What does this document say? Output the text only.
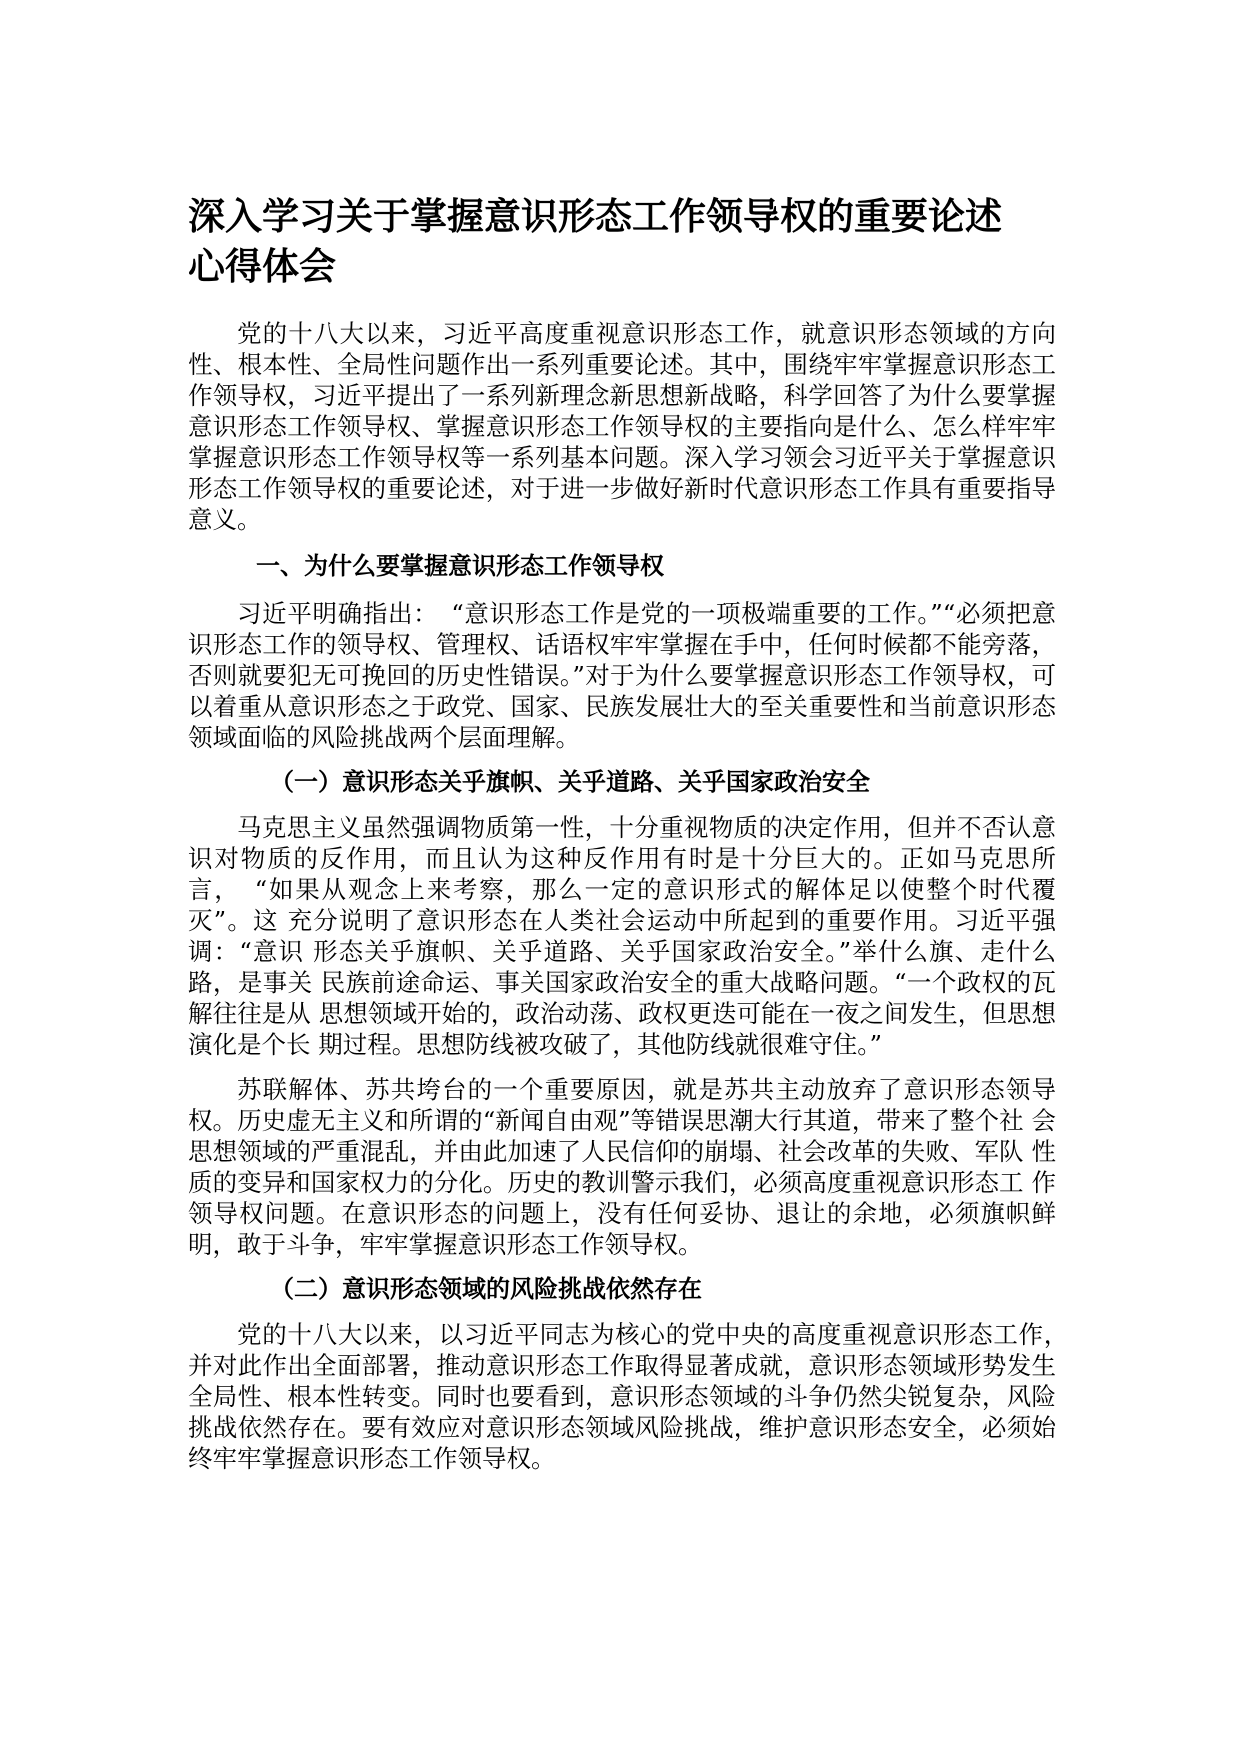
深入学习关于掌握意识形态工作领导权的重要论述心得体会

党的十八大以来，习近平高度重视意识形态工作，就意识形态领域的方向性、根本性、全局性问题作出一系列重要论述。其中，围绕牢牢掌握意识形态工作领导权，习近平提出了一系列新理念新思想新战略，科学回答了为什么要掌握意识形态工作领导权、掌握意识形态工作领导权的主要指向是什么、怎么样牢牢掌握意识形态工作领导权等一系列基本问题。深入学习领会习近平关于掌握意识形态工作领导权的重要论述，对于进一步做好新时代意识形态工作具有重要指导意义。

一、为什么要掌握意识形态工作领导权

习近平明确指出：　“意识形态工作是党的一项极端重要的工作。”“必须把意识形态工作的领导权、管理权、话语权牢牢掌握在手中，任何时候都不能旁落，否则就要犯无可挽回的历史性错误。”对于为什么要掌握意识形态工作领导权，可以着重从意识形态之于政党、国家、民族发展壮大的至关重要性和当前意识形态领域面临的风险挑战两个层面理解。

（一）意识形态关乎旗帜、关乎道路、关乎国家政治安全

马克思主义虽然强调物质第一性，十分重视物质的决定作用，但并不否认意识对物质的反作用，而且认为这种反作用有时是十分巨大的。正如马克思所言，　“如果从观念上来考察，那么一定的意识形式的解体足以使整个时代覆灭”。这 充分说明了意识形态在人类社会运动中所起到的重要作用。习近平强调：“意识 形态关乎旗帜、关乎道路、关乎国家政治安全。”举什么旗、走什么路，是事关 民族前途命运、事关国家政治安全的重大战略问题。“一个政权的瓦解往往是从 思想领域开始的，政治动荡、政权更迭可能在一夜之间发生，但思想演化是个长 期过程。思想防线被攻破了，其他防线就很难守住。”

苏联解体、苏共垮台的一个重要原因，就是苏共主动放弃了意识形态领导权。历史虚无主义和所谓的“新闻自由观”等错误思潮大行其道，带来了整个社 会思想领域的严重混乱，并由此加速了人民信仰的崩塌、社会改革的失败、军队 性质的变异和国家权力的分化。历史的教训警示我们，必须高度重视意识形态工 作领导权问题。在意识形态的问题上，没有任何妥协、退让的余地，必须旗帜鲜 明，敢于斗争，牢牢掌握意识形态工作领导权。

（二）意识形态领域的风险挑战依然存在

党的十八大以来，以习近平同志为核心的党中央的高度重视意识形态工作，　并对此作出全面部署，推动意识形态工作取得显著成就，意识形态领域形势发生　 全局性、根本性转变。同时也要看到，意识形态领域的斗争仍然尖锐复杂，风险　 挑战依然存在。要有效应对意识形态领域风险挑战，维护意识形态安全，必须始　 终牢牢掌握意识形态工作领导权。
